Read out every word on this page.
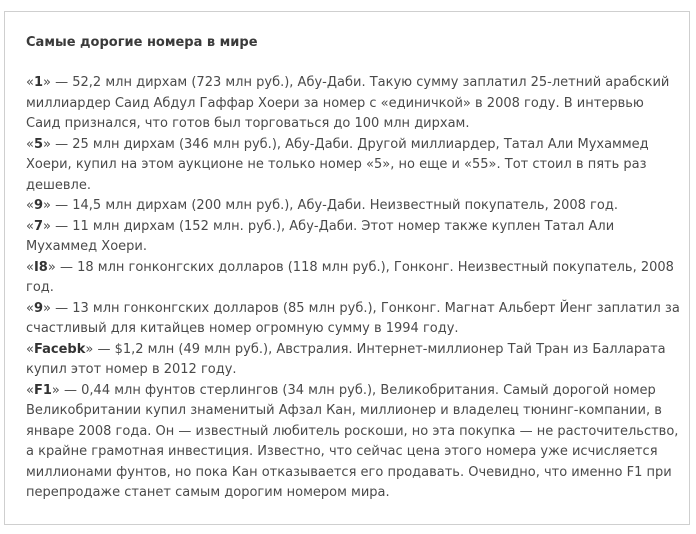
Самые дорогие номера в мире

«1» — 52,2 млн дирхам (723 млн руб.), Абу-Даби. Такую сумму заплатил 25-летний арабский миллиардер Саид Абдул Гаффар Хоери за номер с «единичкой» в 2008 году. В интервью Саид признался, что готов был торговаться до 100 млн дирхам.

«5» — 25 млн дирхам (346 млн руб.), Абу-Даби. Другой миллиардер, Татал Али Мухаммед Хоери, купил на этом аукционе не только номер «5», но еще и «55». Тот стоил в пять раз дешевле.

«9» — 14,5 млн дирхам (200 млн руб.), Абу-Даби. Неизвестный покупатель, 2008 год.

«7» — 11 млн дирхам (152 млн. руб.), Абу-Даби. Этот номер также куплен Татал Али Мухаммед Хоери.

«I8» — 18 млн гонконгских долларов (118 млн руб.), Гонконг. Неизвестный покупатель, 2008 год.

«9» — 13 млн гонконгских долларов (85 млн руб.), Гонконг. Магнат Альберт Йенг заплатил за счастливый для китайцев номер огромную сумму в 1994 году.

«Facebk» — $1,2 млн (49 млн руб.), Австралия. Интернет-миллионер Тай Тран из Балларата купил этот номер в 2012 году.

«F1» — 0,44 млн фунтов стерлингов (34 млн руб.), Великобритания. Самый дорогой номер Великобритании купил знаменитый Афзал Кан, миллионер и владелец тюнинг-компании, в январе 2008 года. Он — известный любитель роскоши, но эта покупка — не расточительство, а крайне грамотная инвестиция. Известно, что сейчас цена этого номера уже исчисляется миллионами фунтов, но пока Кан отказывается его продавать. Очевидно, что именно F1 при перепродаже станет самым дорогим номером мира.
